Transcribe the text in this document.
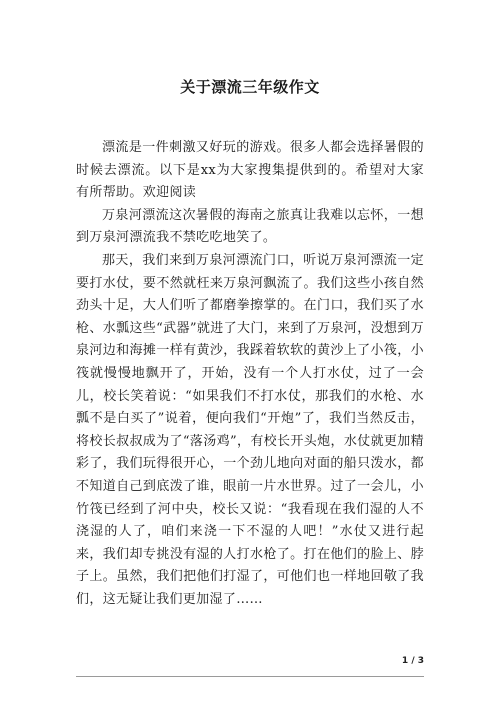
关于漂流三年级作文

漂流是一件刺激又好玩的游戏。很多人都会选择暑假的时候去漂流。以下是xx为大家搜集提供到的。希望对大家有所帮助。欢迎阅读

万泉河漂流这次暑假的海南之旅真让我难以忘怀，一想到万泉河漂流我不禁吃吃地笑了。

那天，我们来到万泉河漂流门口，听说万泉河漂流一定要打水仗，要不然就枉来万泉河飘流了。我们这些小孩自然劲头十足，大人们听了都磨拳擦掌的。在门口，我们买了水枪、水瓢这些“武器”就进了大门，来到了万泉河，没想到万泉河边和海摊一样有黄沙，我踩着软软的黄沙上了小筏，小筏就慢慢地飘开了，开始，没有一个人打水仗，过了一会儿，校长笑着说：“如果我们不打水仗，那我们的水枪、水瓢不是白买了”说着，便向我们“开炮”了，我们当然反击，将校长叔叔成为了“落汤鸡”，有校长开头炮，水仗就更加精彩了，我们玩得很开心，一个劲儿地向对面的船只泼水，都不知道自己到底泼了谁，眼前一片水世界。过了一会儿，小竹筏已经到了河中央，校长又说：“我看现在我们湿的人不浇湿的人了，咱们来浇一下不湿的人吧！”水仗又进行起来，我们却专挑没有湿的人打水枪了。打在他们的脸上、脖子上。虽然，我们把他们打湿了，可他们也一样地回敬了我们，这无疑让我们更加湿了……

1 / 3
